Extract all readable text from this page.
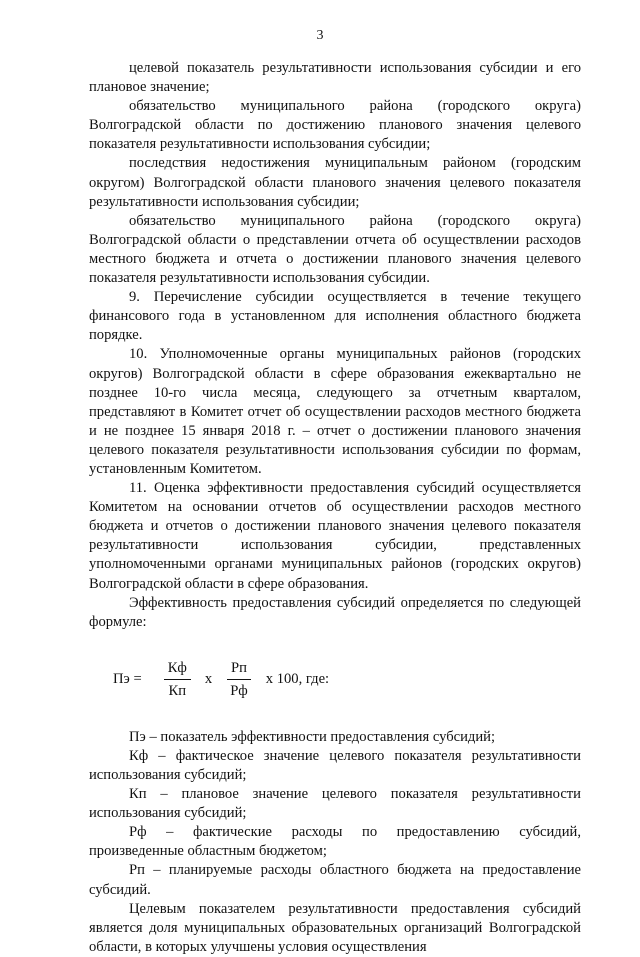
3

целевой показатель результативности использования субсидии и его плановое значение;

обязательство муниципального района (городского округа) Волгоградской области по достижению планового значения целевого показателя результативности использования субсидии;

последствия недостижения муниципальным районом (городским округом) Волгоградской области планового значения целевого показателя результативности использования субсидии;

обязательство муниципального района (городского округа) Волгоградской области о представлении отчета об осуществлении расходов местного бюджета и отчета о достижении планового значения целевого показателя результативности использования субсидии.

9. Перечисление субсидии осуществляется в течение текущего финансового года в установленном для исполнения областного бюджета порядке.

10. Уполномоченные органы муниципальных районов (городских округов) Волгоградской области в сфере образования ежеквартально не позднее 10-го числа месяца, следующего за отчетным кварталом, представляют в Комитет отчет об осуществлении расходов местного бюджета и не позднее 15 января 2018 г. – отчет о достижении планового значения целевого показателя результативности использования субсидии по формам, установленным Комитетом.

11. Оценка эффективности предоставления субсидий осуществляется Комитетом на основании отчетов об осуществлении расходов местного бюджета и отчетов о достижении планового значения целевого показателя результативности использования субсидии, представленных уполномоченными органами муниципальных районов (городских округов) Волгоградской области в сфере образования.

Эффективность предоставления субсидий определяется по следующей формуле:

Пэ = $\frac{Кф}{Кп}$ х $\frac{Рп}{Рф}$ х 100, где:

Пэ – показатель эффективности предоставления субсидий;

Кф – фактическое значение целевого показателя результативности использования субсидий;

Кп – плановое значение целевого показателя результативности использования субсидий;

Рф – фактические расходы по предоставлению субсидий, произведенные областным бюджетом;

Рп – планируемые расходы областного бюджета на предоставление субсидий.

Целевым показателем результативности предоставления субсидий является доля муниципальных образовательных организаций Волгоградской области, в которых улучшены условия осуществления
